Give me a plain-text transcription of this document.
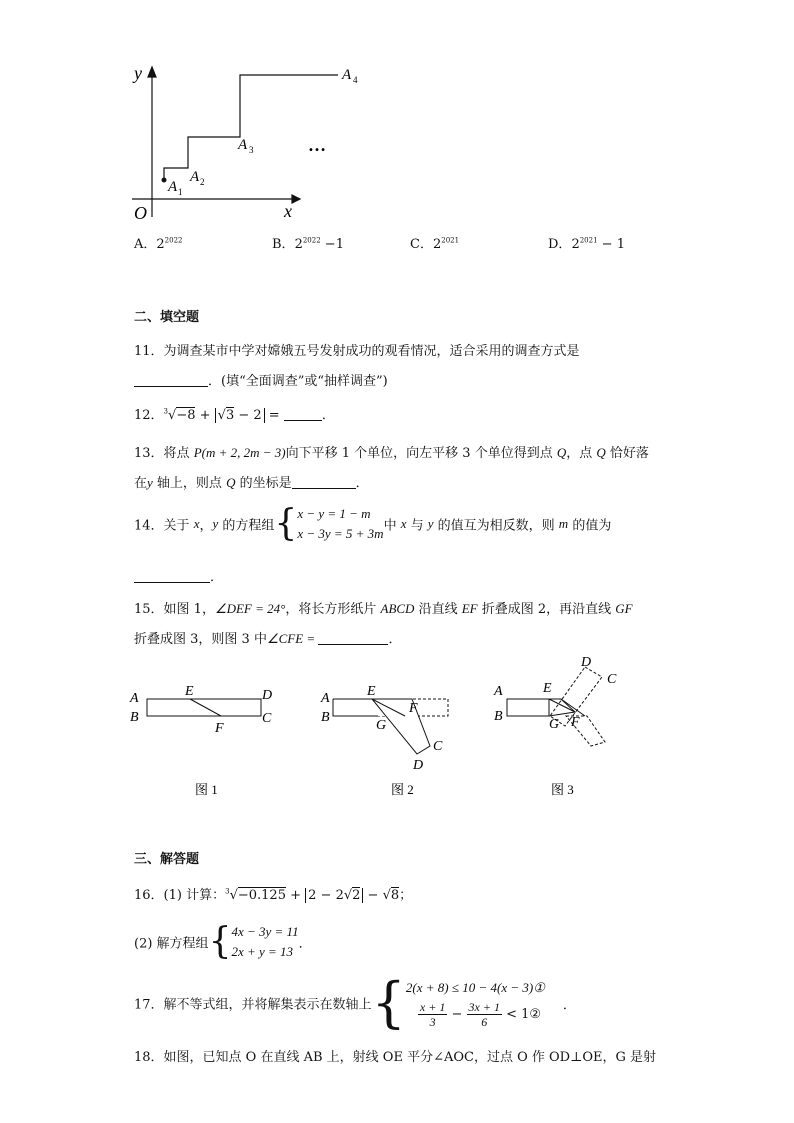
y
x
O
A 1
A 2
A 3
A 4
…
A．$2^{2022}$	B．$2^{2022} -1$	C．$2^{2021}$	D．$2^{2021} - 1$
二、填空题
11．为调查某市中学对嫦娥五号发射成功的观看情况，适合采用的调查方式是
．(填“全面调查”或“抽样调查”)
12．$^3$√−8 + √3 − 2 =	．
13．将点 P(m + 2, 2m − 3)向下平移 1 个单位，向左平移 3 个单位得到点 Q，点 Q 恰好落
在y 轴上，则点 Q 的坐标是	．
14．关于 x，y 的方程组{x − y = 1 − m
x − 3y = 5 + 3m中 x 与 y 的值互为相反数，则 m 的值为
．
15．如图 1，∠DEF = 24°，将长方形纸片 ABCD 沿直线 EF 折叠成图 2，再沿直线 GF
折叠成图 3，则图 3 中∠CFE =	．
A
B
E	D
C
F
图 1
A
B
E
F
G
C
D
图 2
A
B
E
G F
D
C
图 3
三、解答题
16．(1) 计算：$^3$√−0.125 + 2 − 2√2 − √8；
(2) 解方程组{4x − 3y = 11
2x + y = 13 ．
17．解不等式组，并将解集表示在数轴上{2(x + 8) ≤ 10 − 4(x − 3)①

$\frac{x + 1}{3} - \frac{3x + 1}{6}$ < 1②．
18．如图，已知点 O 在直线 AB 上，射线 OE 平分∠AOC，过点 O 作 OD⊥OE，G 是射
